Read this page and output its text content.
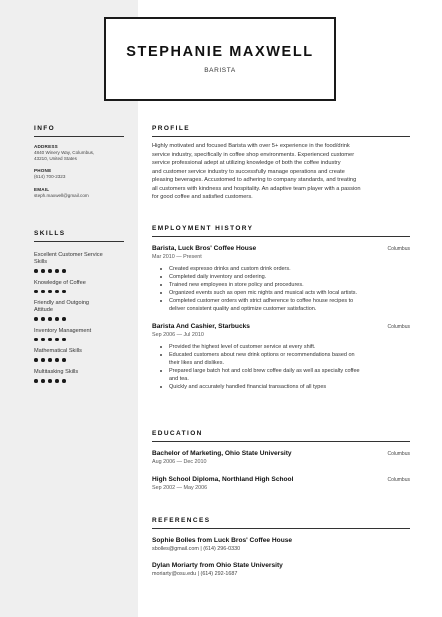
STEPHANIE MAXWELL
BARISTA
INFO
ADDRESS
4840 Winery Way, Columbus,
43210, United States
PHONE
(614) 700-2323
EMAIL
steph.maxwell@gmail.com
SKILLS
Excellent Customer Service
Skills
Knowledge of Coffee
Friendly and Outgoing
Attitude
Inventory Management
Mathematical Skills
Multitasking Skills
PROFILE
Highly motivated and focused Barista with over 5+ experience in the food/drink
service industry, specifically in coffee shop environments. Experienced customer
service professional adept at utilizing knowledge of both the coffee industry
and customer service industry to successfully manage operations and create
pleasing beverages. Accustomed to adhering to company standards, and treating
all customers with kindness and hospitality. An adaptive team player with a passion
for good coffee and satisfied customers.
EMPLOYMENT HISTORY
Barista, Luck Bros' Coffee House	Columbus
Mar 2010 — Present
Created espresso drinks and custom drink orders.
Completed daily inventory and ordering.
Trained new employees in store policy and procedures.
Organized events such as open mic nights and musical acts with local artists.
Completed customer orders with strict adherence to coffee house recipes to
deliver consistent quality and optimize customer satisfaction.
Barista And Cashier, Starbucks	Columbus
Sep 2006 — Jul 2010
Provided the highest level of customer service at every shift.
Educated customers about new drink options or recommendations based on
their likes and dislikes.
Prepared large batch hot and cold brew coffee daily as well as specialty coffee
and tea.
Quickly and accurately handled financial transactions of all types
EDUCATION
Bachelor of Marketing, Ohio State University	Columbus
Aug 2006 — Dec 2010
High School Diploma, Northland High School	Columbus
Sep 2002 — May 2006
REFERENCES
Sophie Bolles from Luck Bros' Coffee House
sbolles@gmail.com | (614) 296-0330
Dylan Moriarty from Ohio State University
moriarty@osu.edu | (614) 292-1687
